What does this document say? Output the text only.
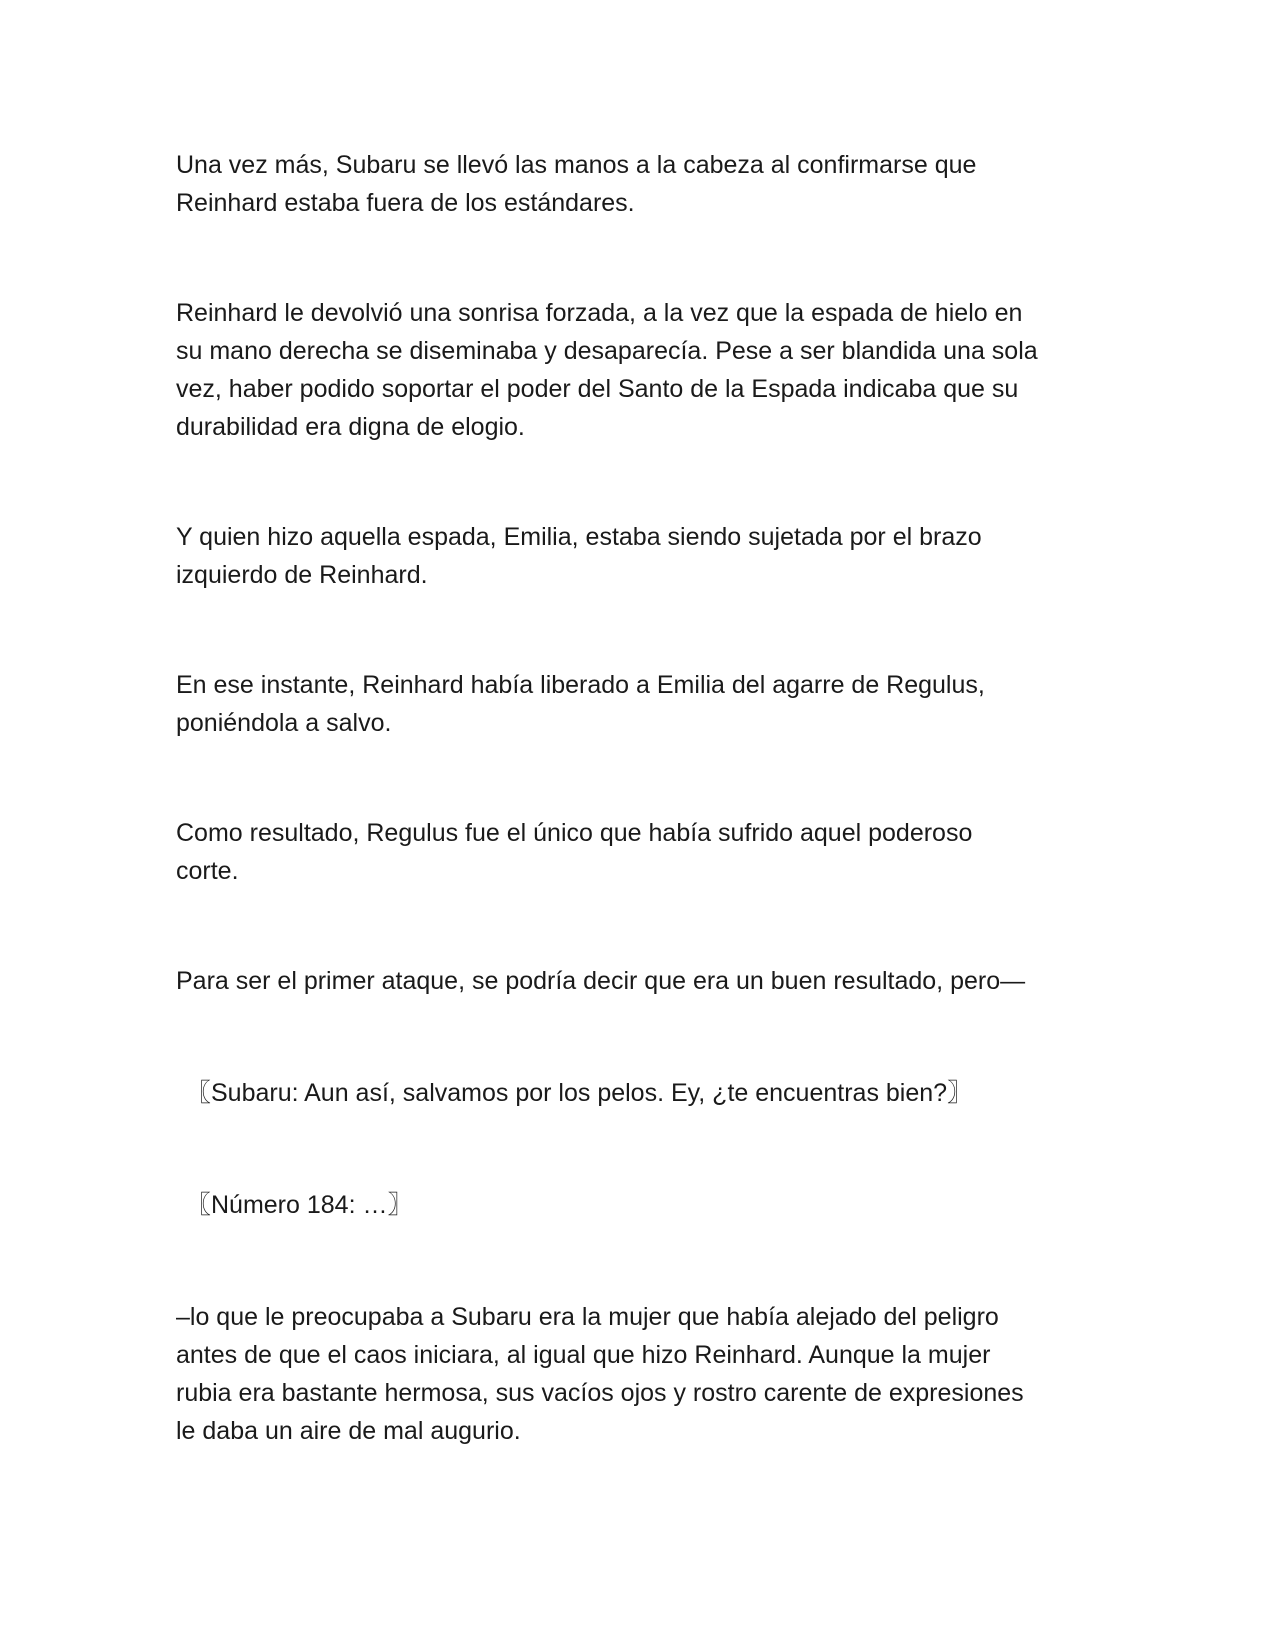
Una vez más, Subaru se llevó las manos a la cabeza al confirmarse que
Reinhard estaba fuera de los estándares.

Reinhard le devolvió una sonrisa forzada, a la vez que la espada de hielo en
su mano derecha se diseminaba y desaparecía. Pese a ser blandida una sola
vez, haber podido soportar el poder del Santo de la Espada indicaba que su
durabilidad era digna de elogio.

Y quien hizo aquella espada, Emilia, estaba siendo sujetada por el brazo
izquierdo de Reinhard.

En ese instante, Reinhard había liberado a Emilia del agarre de Regulus,
poniéndola a salvo.

Como resultado, Regulus fue el único que había sufrido aquel poderoso
corte.

Para ser el primer ataque, se podría decir que era un buen resultado, pero—

〖Subaru: Aun así, salvamos por los pelos. Ey, ¿te encuentras bien?〗

〖Número 184: …〗

–lo que le preocupaba a Subaru era la mujer que había alejado del peligro
antes de que el caos iniciara, al igual que hizo Reinhard. Aunque la mujer
rubia era bastante hermosa, sus vacíos ojos y rostro carente de expresiones
le daba un aire de mal augurio.
